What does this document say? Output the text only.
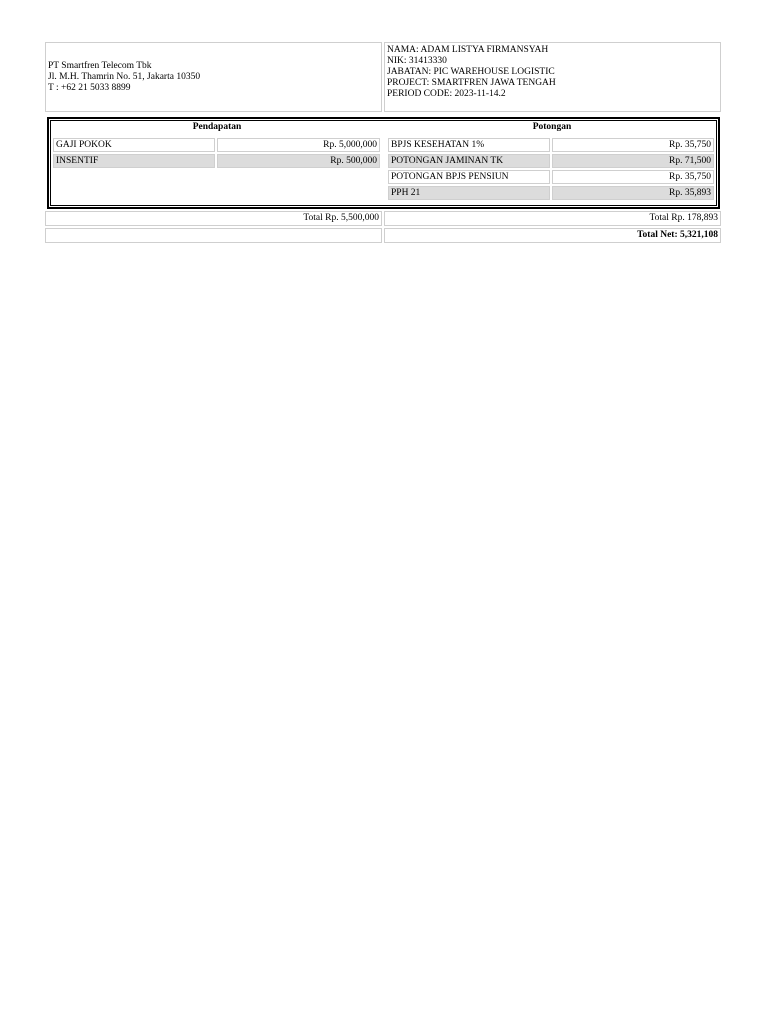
PT Smartfren Telecom Tbk
Jl. M.H. Thamrin No. 51, Jakarta 10350
T : +62 21 5033 8899
NAMA: ADAM LISTYA FIRMANSYAH
NIK: 31413330
JABATAN: PIC WAREHOUSE LOGISTIC
PROJECT: SMARTFREN JAWA TENGAH
PERIOD CODE: 2023-11-14.2
Pendapatan	Potongan
GAJI POKOK	Rp. 5,000,000
INSENTIF	Rp. 500,000
BPJS KESEHATAN 1%	Rp. 35,750
POTONGAN JAMINAN TK	Rp. 71,500
POTONGAN BPJS PENSIUN	Rp. 35,750
PPH 21	Rp. 35,893
Total Rp. 5,500,000	Total Rp. 178,893
Total Net: 5,321,108
